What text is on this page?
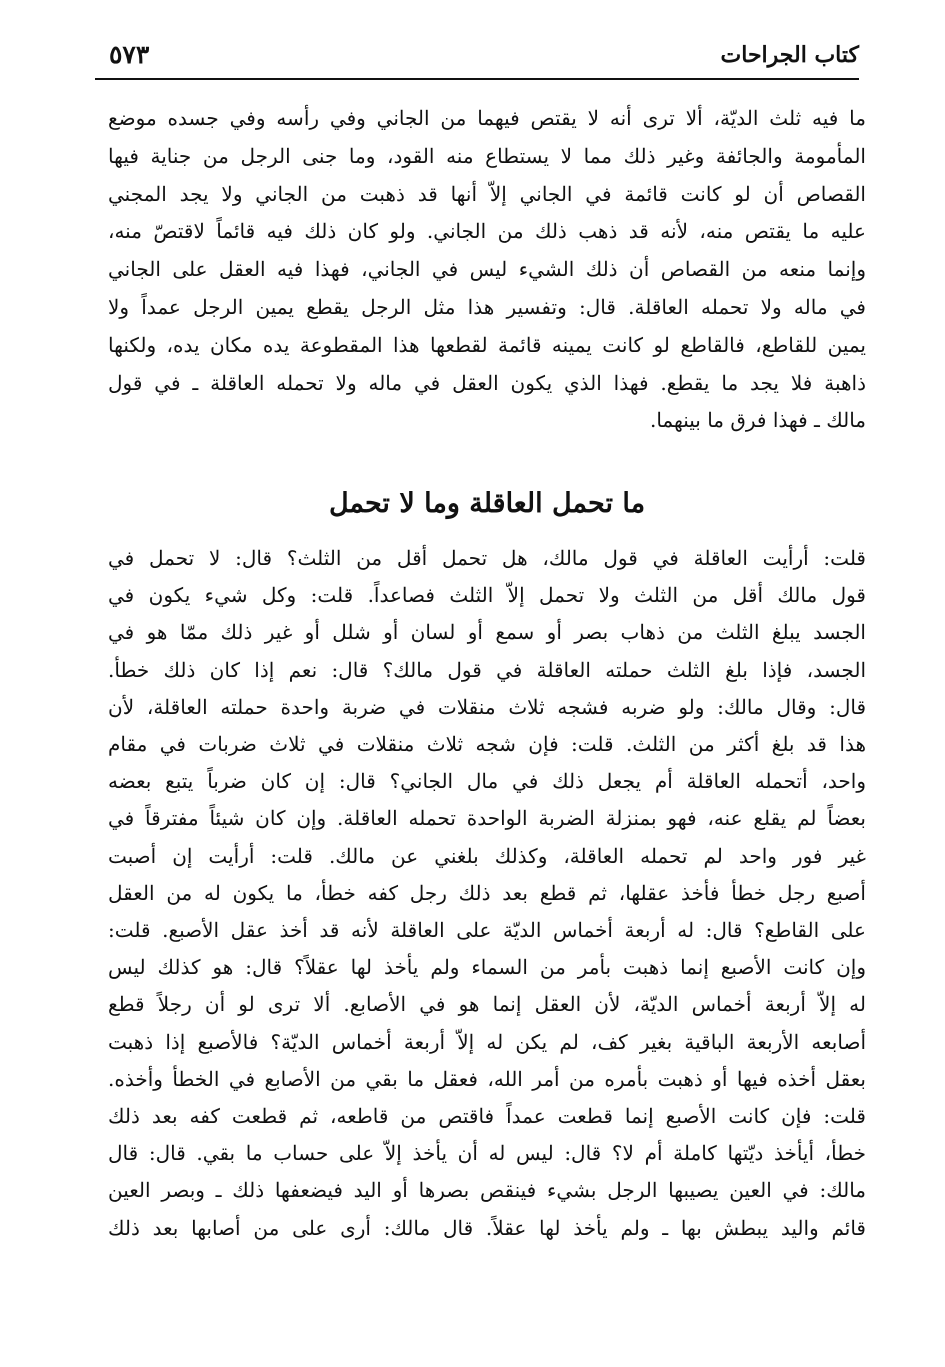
كتاب الجراحات
٥٧٣
ما فيه ثلث الديّة، ألا ترى أنه لا يقتص فيهما من الجاني وفي رأسه وفي جسده موضع
المأمومة والجائفة وغير ذلك مما لا يستطاع منه القود، وما جنى الرجل من جناية فيها
القصاص أن لو كانت قائمة في الجاني إلاّ أنها قد ذهبت من الجاني ولا يجد المجني
عليه ما يقتص منه، لأنه قد ذهب ذلك من الجاني. ولو كان ذلك فيه قائماً لاقتصّ منه،
وإنما منعه من القصاص أن ذلك الشيء ليس في الجاني، فهذا فيه العقل على الجاني
في ماله ولا تحمله العاقلة. قال: وتفسير هذا مثل الرجل يقطع يمين الرجل عمداً ولا
يمين للقاطع، فالقاطع لو كانت يمينه قائمة لقطعها هذا المقطوعة يده مكان يده، ولكنها
ذاهبة فلا يجد ما يقطع. فهذا الذي يكون العقل في ماله ولا تحمله العاقلة ـ في قول
مالك ـ فهذا فرق ما بينهما.
ما تحمل العاقلة وما لا تحمل
قلت: أرأيت العاقلة في قول مالك، هل تحمل أقل من الثلث؟ قال: لا تحمل في
قول مالك أقل من الثلث ولا تحمل إلاّ الثلث فصاعداً. قلت: وكل شيء يكون في
الجسد يبلغ الثلث من ذهاب بصر أو سمع أو لسان أو شلل أو غير ذلك ممّا هو في
الجسد، فإذا بلغ الثلث حملته العاقلة في قول مالك؟ قال: نعم إذا كان ذلك خطأ.
قال: وقال مالك: ولو ضربه فشجه ثلاث منقلات في ضربة واحدة حملته العاقلة، لأن
هذا قد بلغ أكثر من الثلث. قلت: فإن شجه ثلاث منقلات في ثلاث ضربات في مقام
واحد، أتحمله العاقلة أم يجعل ذلك في مال الجاني؟ قال: إن كان ضرباً يتبع بعضه
بعضاً لم يقلع عنه، فهو بمنزلة الضربة الواحدة تحمله العاقلة. وإن كان شيئاً مفترقاً في
غير فور واحد لم تحمله العاقلة، وكذلك بلغني عن مالك. قلت: أرأيت إن أصبت
أصبع رجل خطأ فأخذ عقلها، ثم قطع بعد ذلك رجل كفه خطأ، ما يكون له من العقل
على القاطع؟ قال: له أربعة أخماس الديّة على العاقلة لأنه قد أخذ عقل الأصبع. قلت:
وإن كانت الأصبع إنما ذهبت بأمر من السماء ولم يأخذ لها عقلاً؟ قال: هو كذلك ليس
له إلاّ أربعة أخماس الديّة، لأن العقل إنما هو في الأصابع. ألا ترى لو أن رجلاً قطع
أصابعه الأربعة الباقية بغير كف، لم يكن له إلاّ أربعة أخماس الديّة؟ فالأصبع إذا ذهبت
بعقل أخذه فيها أو ذهبت بأمره من أمر الله، فعقل ما بقي من الأصابع في الخطأ وأخذه.
قلت: فإن كانت الأصبع إنما قطعت عمداً فاقتص من قاطعه، ثم قطعت كفه بعد ذلك
خطأ، أيأخذ ديّتها كاملة أم لا؟ قال: ليس له أن يأخذ إلاّ على حساب ما بقي. قال: قال
مالك: في العين يصيبها الرجل بشيء فينقص بصرها أو اليد فيضعفها ذلك ـ وبصر العين
قائم واليد يبطش بها ـ ولم يأخذ لها عقلاً. قال مالك: أرى على من أصابها بعد ذلك
